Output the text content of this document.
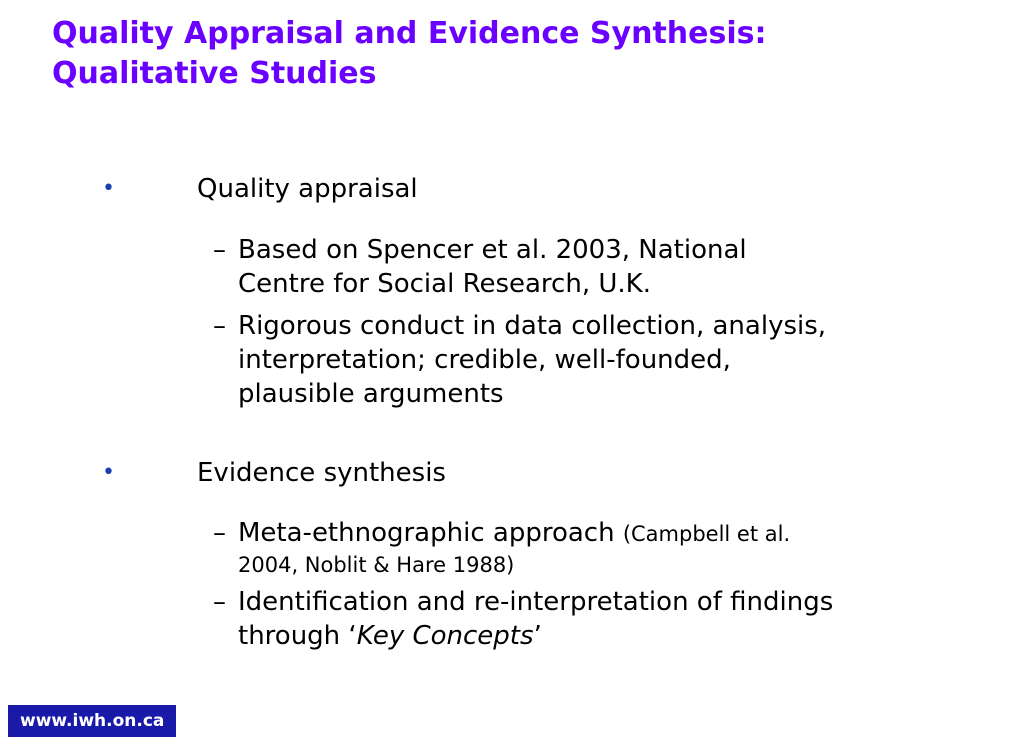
Quality Appraisal and Evidence Synthesis:
Qualitative Studies
•	Quality appraisal
– Based on Spencer et al. 2003, National
Centre for Social Research, U.K.
– Rigorous conduct in data collection, analysis,
interpretation; credible, well-founded,
plausible arguments
•	Evidence synthesis
– Meta-ethnographic approach (Campbell et al.
2004, Noblit & Hare 1988)
– Identification and re-interpretation of findings
through ‘Key Concepts’
www.iwh.on.ca
